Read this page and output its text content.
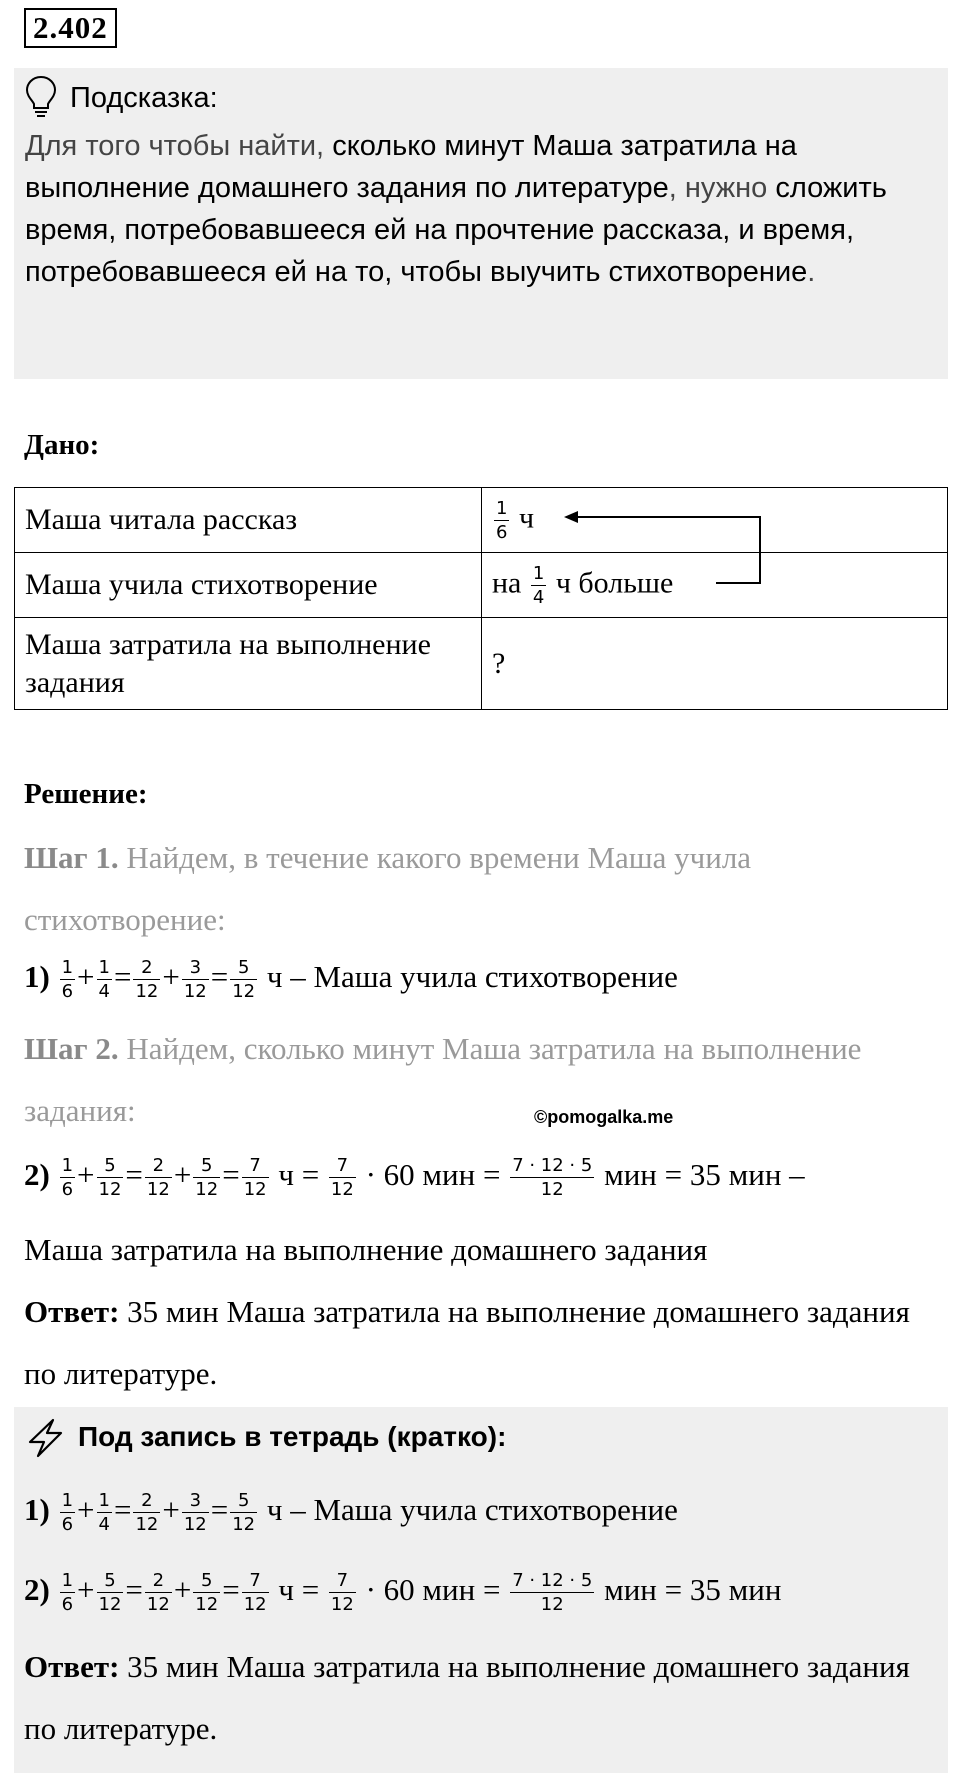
2.402
Подсказка:
Для того чтобы найти, сколько минут Маша затратила на выполнение домашнего задания по литературе, нужно сложить время, потребовавшееся ей на прочтение рассказа, и время, потребовавшееся ей на то, чтобы выучить стихотворение.
Дано:
Маша читала рассказ	$\frac{1}{6}$ ч
Маша учила стихотворение	на $\frac{1}{4}$ ч больше
Маша затратила на выполнение задания	?
Решение:
Шаг 1. Найдем, в течение какого времени Маша учила стихотворение:
$1) \frac{1}{6} + \frac{1}{4} = \frac{2}{12} + \frac{3}{12} = \frac{5}{12}$ ч – Маша учила стихотворение
Шаг 2. Найдем, сколько минут Маша затратила на выполнение задания:	©pomogalka.me
$2) \frac{1}{6} + \frac{5}{12} = \frac{2}{12} + \frac{5}{12} = \frac{7}{12}$ $ч = \frac{7}{12} \cdot 60$ мин = $\frac{7 \cdot 12 \cdot 5}{12}$ мин = 35 мин –
Маша затратила на выполнение домашнего задания
Ответ: 35 мин Маша затратила на выполнение домашнего задания по литературе.
Под запись в тетрадь (кратко):
$1) \frac{1}{6} + \frac{1}{4} = \frac{2}{12} + \frac{3}{12} = \frac{5}{12}$ ч – Маша учила стихотворение
$2) \frac{1}{6} + \frac{5}{12} = \frac{2}{12} + \frac{5}{12} = \frac{7}{12}$ $ч = \frac{7}{12} \cdot 60$ мин = $\frac{7 \cdot 12 \cdot 5}{12}$ мин = 35 мин
Ответ: 35 мин Маша затратила на выполнение домашнего задания по литературе.
